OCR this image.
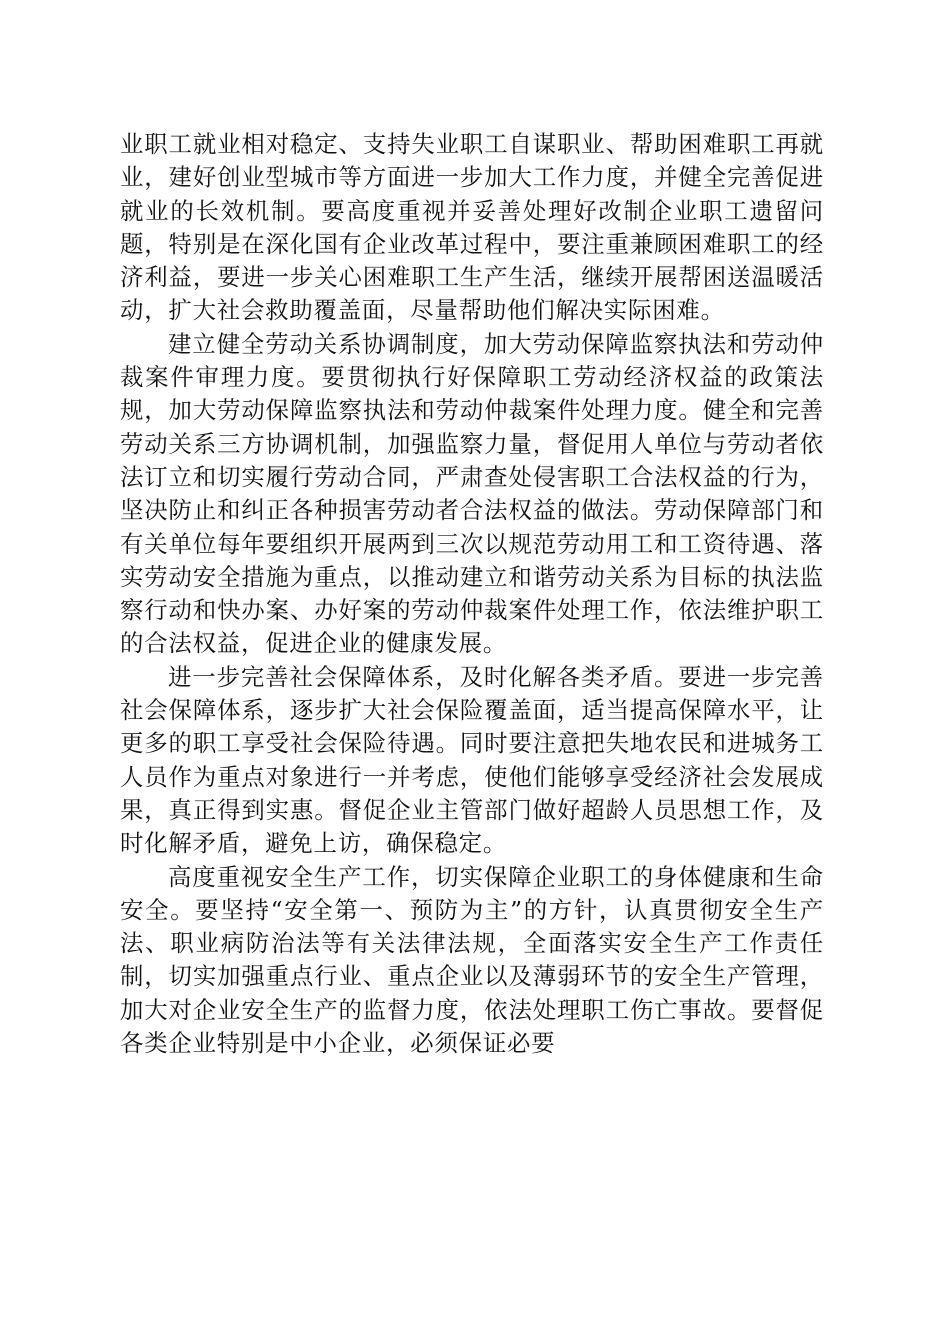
业职工就业相对稳定、支持失业职工自谋职业、帮助困难职工再就业，建好创业型城市等方面进一步加大工作力度，并健全完善促进就业的长效机制。要高度重视并妥善处理好改制企业职工遗留问题，特别是在深化国有企业改革过程中，要注重兼顾困难职工的经济利益，要进一步关心困难职工生产生活，继续开展帮困送温暖活动，扩大社会救助覆盖面，尽量帮助他们解决实际困难。

建立健全劳动关系协调制度，加大劳动保障监察执法和劳动仲裁案件审理力度。要贯彻执行好保障职工劳动经济权益的政策法规，加大劳动保障监察执法和劳动仲裁案件处理力度。健全和完善劳动关系三方协调机制，加强监察力量，督促用人单位与劳动者依法订立和切实履行劳动合同，严肃查处侵害职工合法权益的行为，坚决防止和纠正各种损害劳动者合法权益的做法。劳动保障部门和有关单位每年要组织开展两到三次以规范劳动用工和工资待遇、落实劳动安全措施为重点，以推动建立和谐劳动关系为目标的执法监察行动和快办案、办好案的劳动仲裁案件处理工作，依法维护职工的合法权益，促进企业的健康发展。

进一步完善社会保障体系，及时化解各类矛盾。要进一步完善社会保障体系，逐步扩大社会保险覆盖面，适当提高保障水平，让更多的职工享受社会保险待遇。同时要注意把失地农民和进城务工人员作为重点对象进行一并考虑，使他们能够享受经济社会发展成果，真正得到实惠。督促企业主管部门做好超龄人员思想工作，及时化解矛盾，避免上访，确保稳定。

高度重视安全生产工作，切实保障企业职工的身体健康和生命安全。要坚持“安全第一、预防为主”的方针，认真贯彻安全生产法、职业病防治法等有关法律法规，全面落实安全生产工作责任制，切实加强重点行业、重点企业以及薄弱环节的安全生产管理，加大对企业安全生产的监督力度，依法处理职工伤亡事故。要督促各类企业特别是中小企业，必须保证必要
